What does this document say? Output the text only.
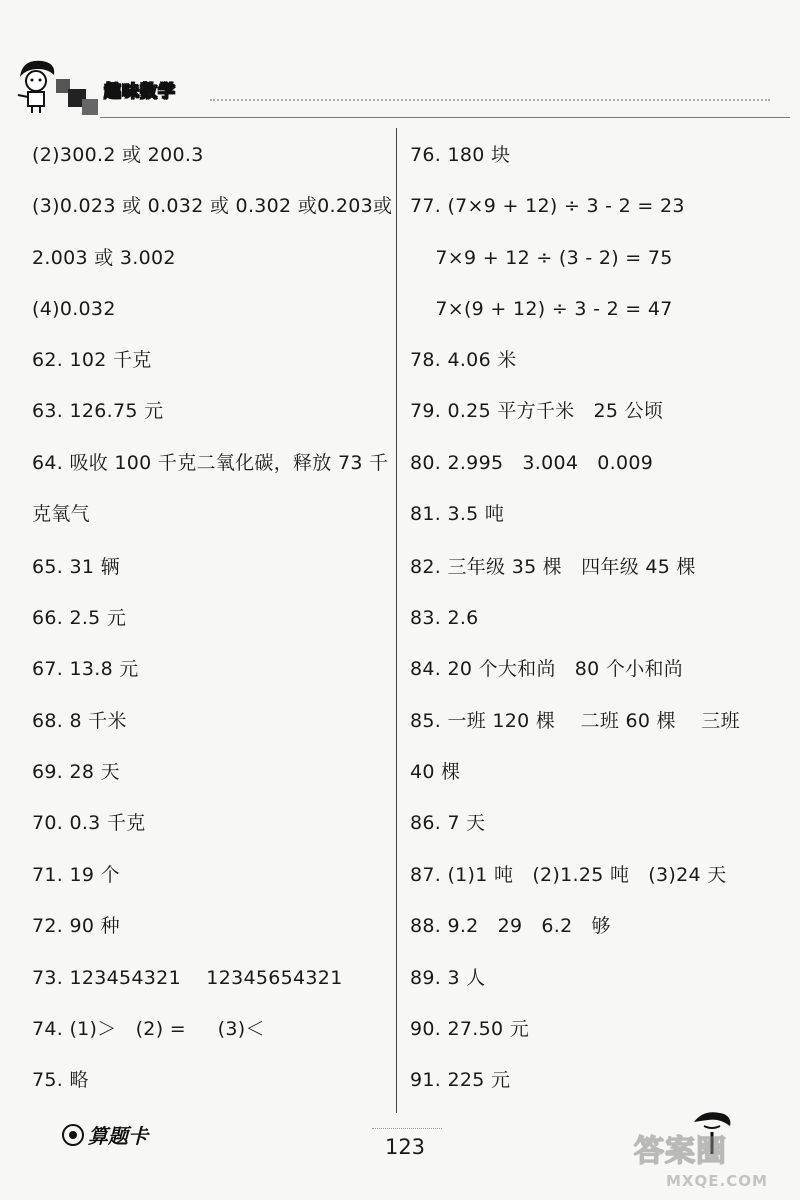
趣味数学
(2)300.2 或 200.3
(3)0.023 或 0.032 或 0.302 或0.203或
2.003 或 3.002
(4)0.032
62. 102 千克
63. 126.75 元
64. 吸收 100 千克二氧化碳，释放 73 千
克氧气
65. 31 辆
66. 2.5 元
67. 13.8 元
68. 8 千米
69. 28 天
70. 0.3 千克
71. 19 个
72. 90 种
73. 123454321    12345654321
74. (1)＞   (2) =     (3)＜
75. 略
76. 180 块
77. (7×9 + 12) ÷ 3 - 2 = 23
7×9 + 12 ÷ (3 - 2) = 75
7×(9 + 12) ÷ 3 - 2 = 47
78. 4.06 米
79. 0.25 平方千米   25 公顷
80. 2.995   3.004   0.009
81. 3.5 吨
82. 三年级 35 棵   四年级 45 棵
83. 2.6
84. 20 个大和尚   80 个小和尚
85. 一班 120 棵    二班 60 棵    三班
40 棵
86. 7 天
87. (1)1 吨   (2)1.25 吨   (3)24 天
88. 9.2   29   6.2   够
89. 3 人
90. 27.50 元
91. 225 元
算题卡	123	答案圈
MXQE.COM
